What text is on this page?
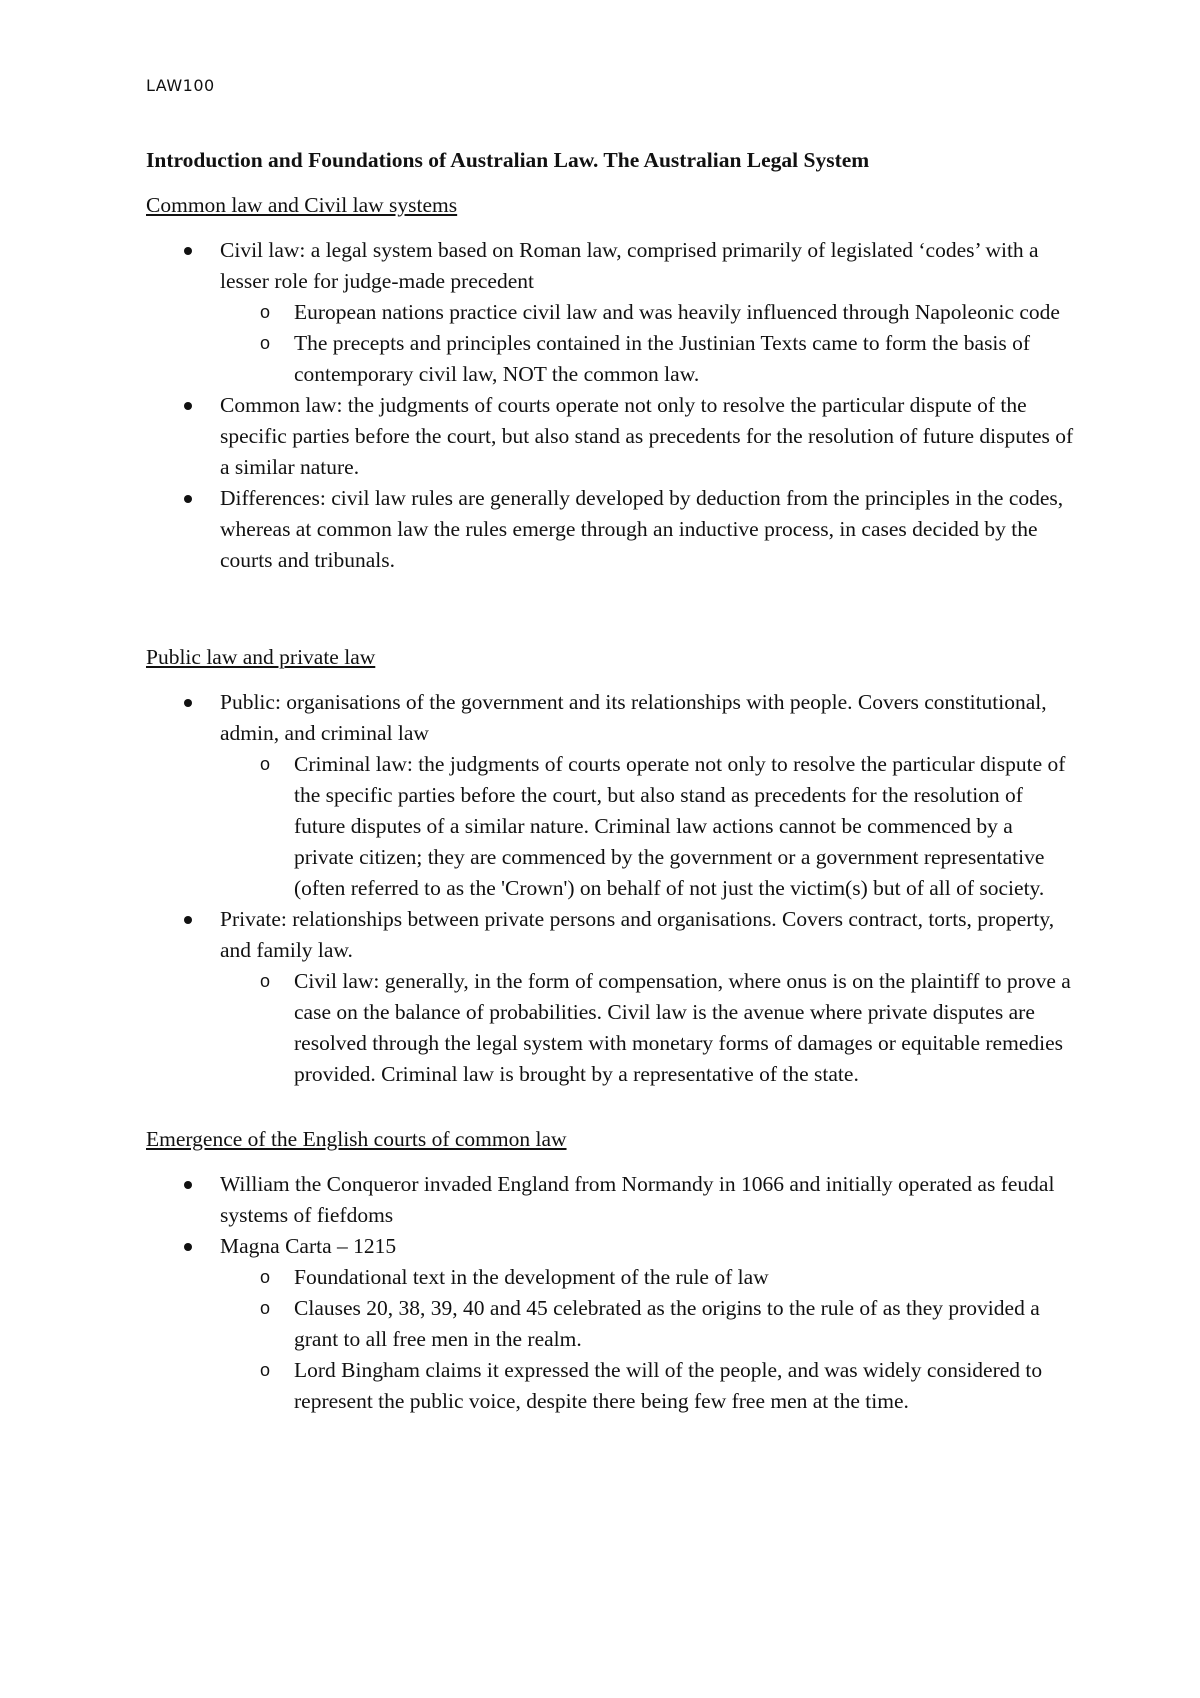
LAW100
Introduction and Foundations of Australian Law. The Australian Legal System
Common law and Civil law systems
Civil law: a legal system based on Roman law, comprised primarily of legislated ‘codes’ with a lesser role for judge-made precedent
o European nations practice civil law and was heavily influenced through Napoleonic code
o The precepts and principles contained in the Justinian Texts came to form the basis of contemporary civil law, NOT the common law.
Common law: the judgments of courts operate not only to resolve the particular dispute of the specific parties before the court, but also stand as precedents for the resolution of future disputes of a similar nature.
Differences: civil law rules are generally developed by deduction from the principles in the codes, whereas at common law the rules emerge through an inductive process, in cases decided by the courts and tribunals.
Public law and private law
Public: organisations of the government and its relationships with people. Covers constitutional, admin, and criminal law
o Criminal law: the judgments of courts operate not only to resolve the particular dispute of the specific parties before the court, but also stand as precedents for the resolution of future disputes of a similar nature. Criminal law actions cannot be commenced by a private citizen; they are commenced by the government or a government representative (often referred to as the 'Crown') on behalf of not just the victim(s) but of all of society.
Private: relationships between private persons and organisations. Covers contract, torts, property, and family law.
o Civil law: generally, in the form of compensation, where onus is on the plaintiff to prove a case on the balance of probabilities. Civil law is the avenue where private disputes are resolved through the legal system with monetary forms of damages or equitable remedies provided. Criminal law is brought by a representative of the state.
Emergence of the English courts of common law
William the Conqueror invaded England from Normandy in 1066 and initially operated as feudal systems of fiefdoms
Magna Carta – 1215
o Foundational text in the development of the rule of law
o Clauses 20, 38, 39, 40 and 45 celebrated as the origins to the rule of as they provided a grant to all free men in the realm.
o Lord Bingham claims it expressed the will of the people, and was widely considered to represent the public voice, despite there being few free men at the time.
